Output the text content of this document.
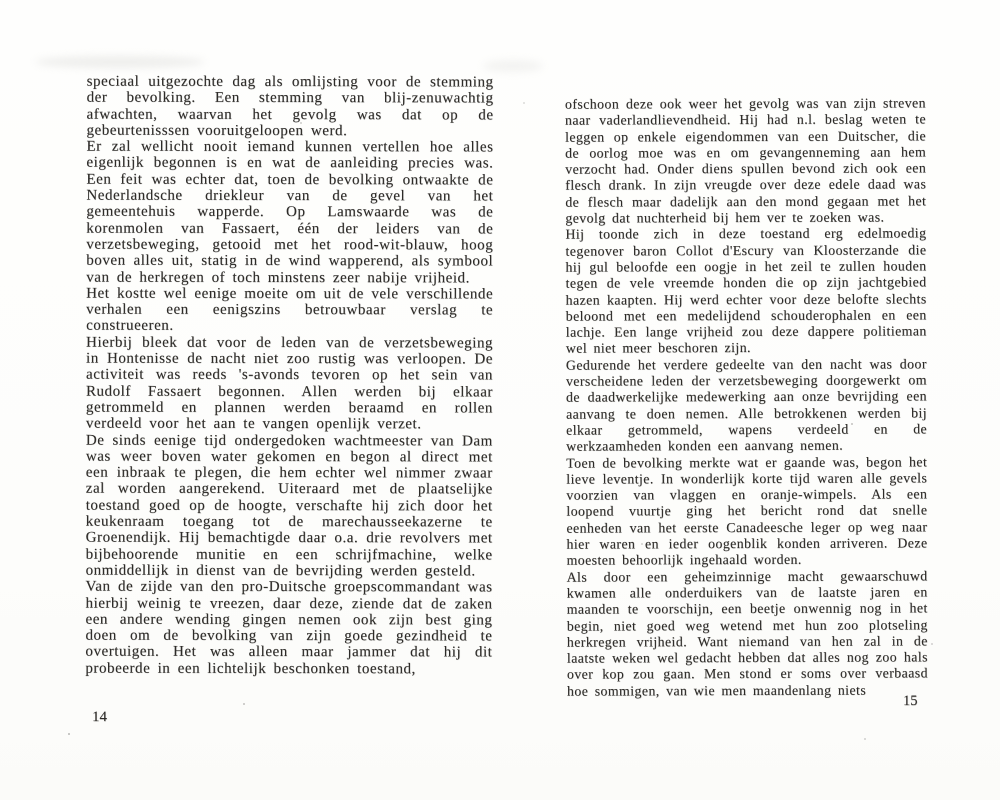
speciaal uitgezochte dag als omlijsting voor de stemming der bevolking. Een stemming van blij-zenuwachtig afwachten, waarvan het gevolg was dat op de gebeurtenisssen vooruitgeloopen werd.

Er zal wellicht nooit iemand kunnen vertellen hoe alles eigenlijk begonnen is en wat de aanleiding precies was. Een feit was echter dat, toen de bevolking ontwaakte de Nederlandsche driekleur van de gevel van het gemeentehuis wapperde. Op Lamswaarde was de korenmolen van Fassaert, één der leiders van de verzetsbeweging, getooid met het rood-wit-blauw, hoog boven alles uit, statig in de wind wapperend, als symbool van de herkregen of toch minstens zeer nabije vrijheid.

Het kostte wel eenige moeite om uit de vele verschillende verhalen een eenigszins betrouwbaar verslag te construeeren.

Hierbij bleek dat voor de leden van de verzetsbeweging in Hontenisse de nacht niet zoo rustig was verloopen. De activiteit was reeds 's-avonds tevoren op het sein van Rudolf Fassaert begonnen. Allen werden bij elkaar getrommeld en plannen werden beraamd en rollen verdeeld voor het aan te vangen openlijk verzet.

De sinds eenige tijd ondergedoken wachtmeester van Dam was weer boven water gekomen en begon al direct met een inbraak te plegen, die hem echter wel nimmer zwaar zal worden aangerekend. Uiteraard met de plaatselijke toestand goed op de hoogte, verschafte hij zich door het keukenraam toegang tot de marechausseekazerne te Groenendijk. Hij bemachtigde daar o.a. drie revolvers met bijbehoorende munitie en een schrijfmachine, welke onmiddellijk in dienst van de bevrijding werden gesteld.

Van de zijde van den pro-Duitsche groepscommandant was hierbij weinig te vreezen, daar deze, ziende dat de zaken een andere wending gingen nemen ook zijn best ging doen om de bevolking van zijn goede gezindheid te overtuigen. Het was alleen maar jammer dat hij dit probeerde in een lichtelijk beschonken toestand,

14

ofschoon deze ook weer het gevolg was van zijn streven naar vaderlandlievendheid. Hij had n.l. beslag weten te leggen op enkele eigendommen van een Duitscher, die de oorlog moe was en om gevangenneming aan hem verzocht had. Onder diens spullen bevond zich ook een flesch drank. In zijn vreugde over deze edele daad was de flesch maar dadelijk aan den mond gegaan met het gevolg dat nuchterheid bij hem ver te zoeken was.

Hij toonde zich in deze toestand erg edelmoedig tegenover baron Collot d'Escury van Kloosterzande die hij gul beloofde een oogje in het zeil te zullen houden tegen de vele vreemde honden die op zijn jachtgebied hazen kaapten. Hij werd echter voor deze belofte slechts beloond met een medelijdend schouderophalen en een lachje. Een lange vrijheid zou deze dappere politieman wel niet meer beschoren zijn.

Gedurende het verdere gedeelte van den nacht was door verscheidene leden der verzetsbeweging doorgewerkt om de daadwerkelijke medewerking aan onze bevrijding een aanvang te doen nemen. Alle betrokkenen werden bij elkaar getrommeld, wapens verdeeld en de werkzaamheden konden een aanvang nemen.

Toen de bevolking merkte wat er gaande was, begon het lieve leventje. In wonderlijk korte tijd waren alle gevels voorzien van vlaggen en oranje-wimpels. Als een loopend vuurtje ging het bericht rond dat snelle eenheden van het eerste Canadeesche leger op weg naar hier waren en ieder oogenblik konden arriveren. Deze moesten behoorlijk ingehaald worden.

Als door een geheimzinnige macht gewaarschuwd kwamen alle onderduikers van de laatste jaren en maanden te voorschijn, een beetje onwennig nog in het begin, niet goed weg wetend met hun zoo plotseling herkregen vrijheid. Want niemand van hen zal in de laatste weken wel gedacht hebben dat alles nog zoo hals over kop zou gaan. Men stond er soms over verbaasd hoe sommigen, van wie men maandenlang niets

15
